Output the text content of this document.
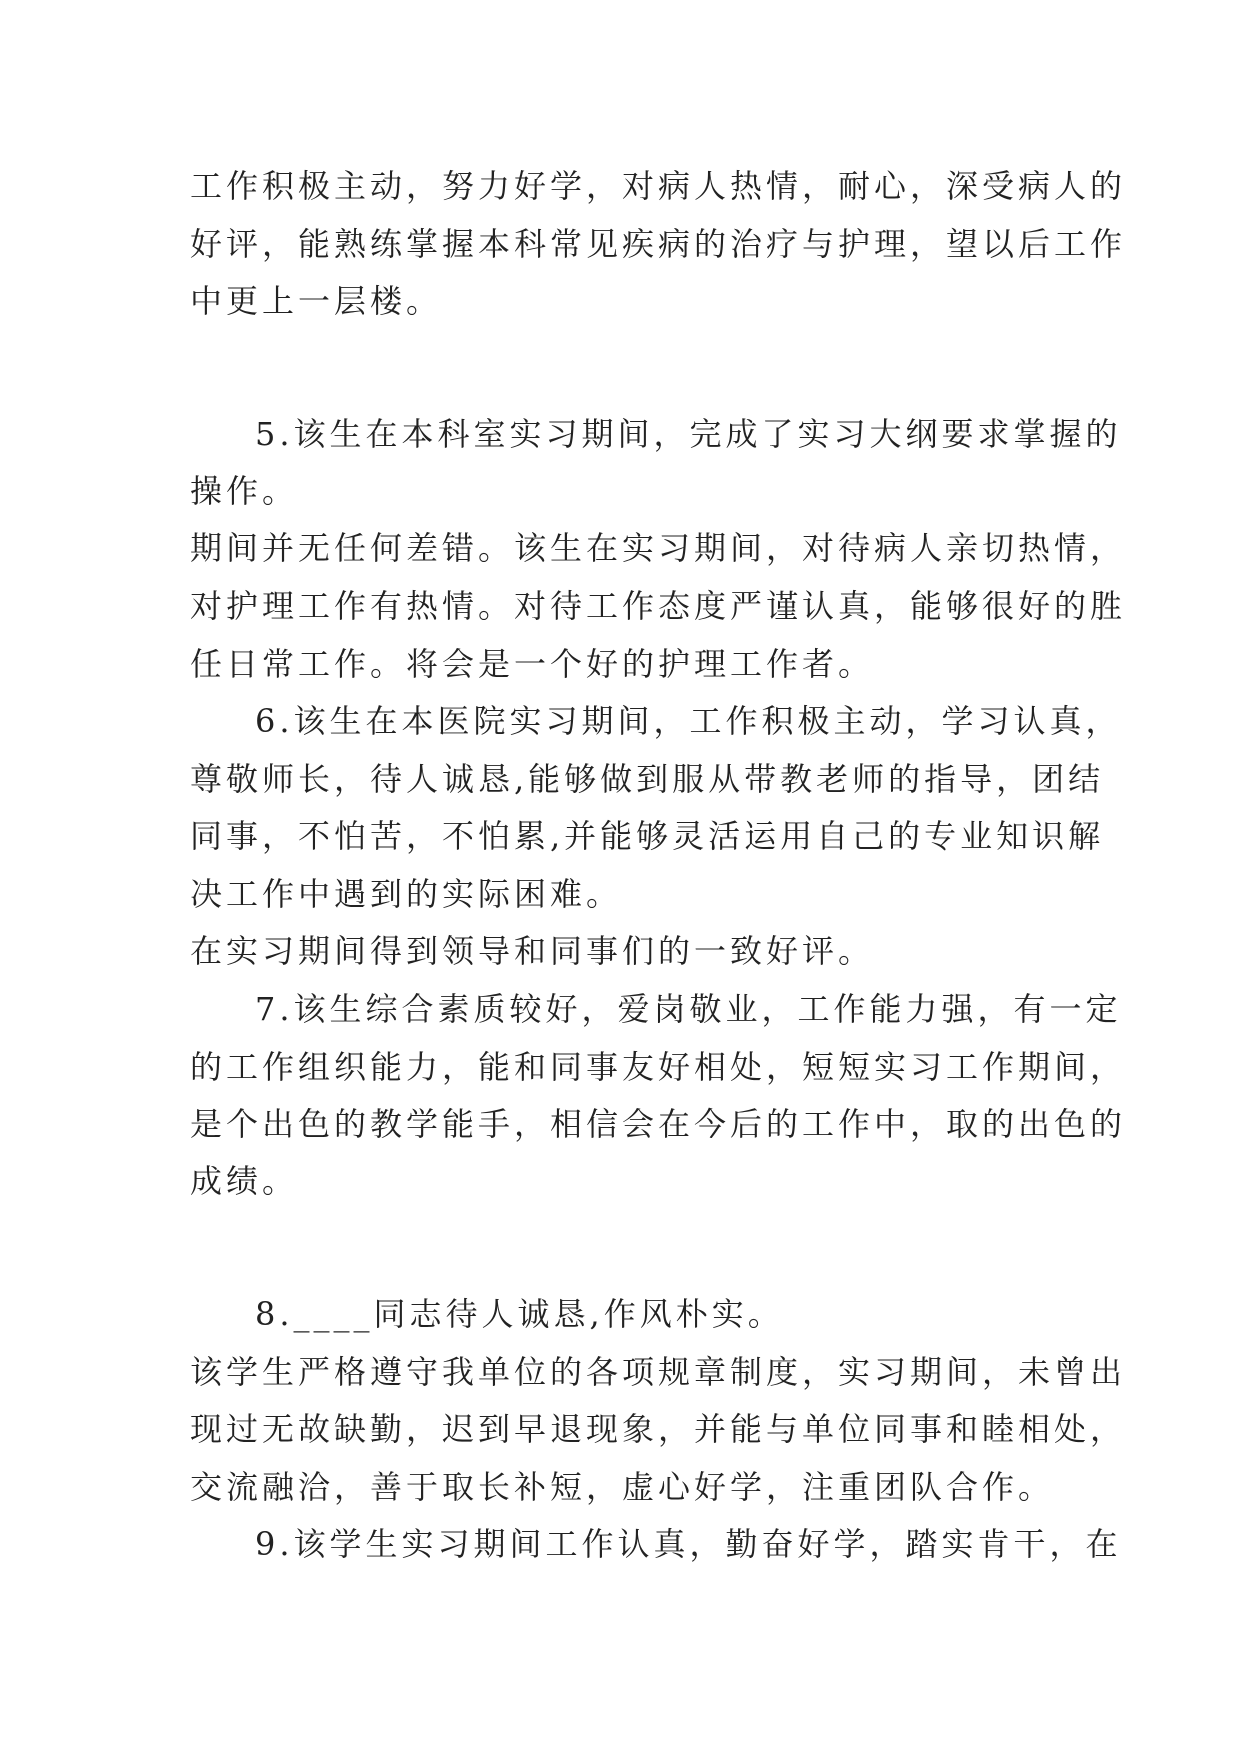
工作积极主动，努力好学，对病人热情，耐心，深受病人的
好评，能熟练掌握本科常见疾病的治疗与护理，望以后工作
中更上一层楼。
5.该生在本科室实习期间，完成了实习大纲要求掌握的
操作。
期间并无任何差错。该生在实习期间，对待病人亲切热情，
对护理工作有热情。对待工作态度严谨认真，能够很好的胜
任日常工作。将会是一个好的护理工作者。
6.该生在本医院实习期间，工作积极主动，学习认真，
尊敬师长，待人诚恳,能够做到服从带教老师的指导，团结
同事，不怕苦，不怕累,并能够灵活运用自己的专业知识解
决工作中遇到的实际困难。
在实习期间得到领导和同事们的一致好评。
7.该生综合素质较好，爱岗敬业，工作能力强，有一定
的工作组织能力，能和同事友好相处，短短实习工作期间，
是个出色的教学能手，相信会在今后的工作中，取的出色的
成绩。
8.____同志待人诚恳,作风朴实。
该学生严格遵守我单位的各项规章制度，实习期间，未曾出
现过无故缺勤，迟到早退现象，并能与单位同事和睦相处，
交流融洽，善于取长补短，虚心好学，注重团队合作。
9.该学生实习期间工作认真，勤奋好学，踏实肯干，在
